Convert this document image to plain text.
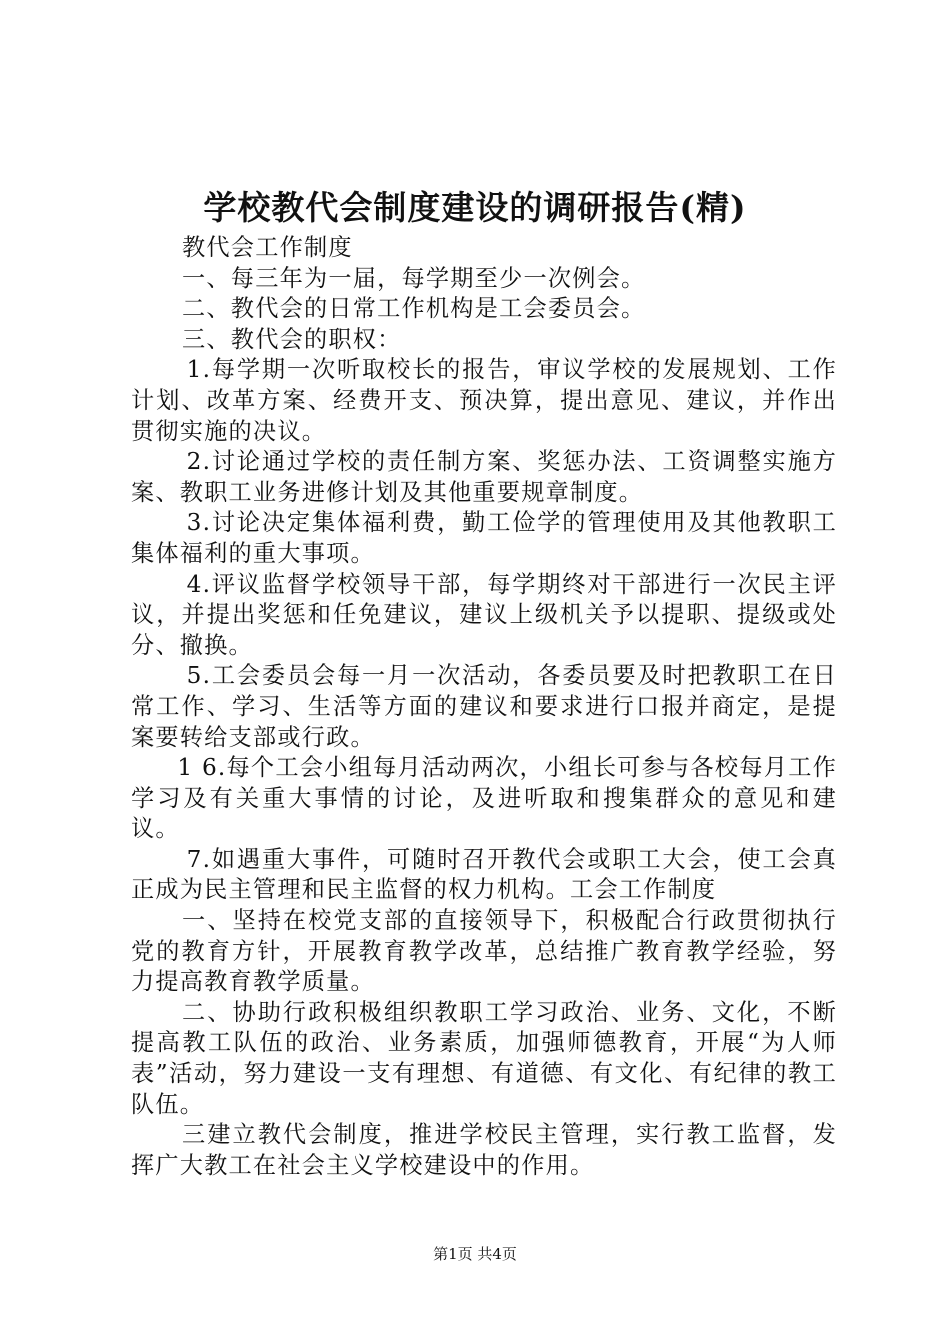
学校教代会制度建设的调研报告(精)

教代会工作制度

一、每三年为一届，每学期至少一次例会。

二、教代会的日常工作机构是工会委员会。

三、教代会的职权：

1.每学期一次听取校长的报告，审议学校的发展规划、工作计划、改革方案、经费开支、预决算，提出意见、建议，并作出贯彻实施的决议。

2.讨论通过学校的责任制方案、奖惩办法、工资调整实施方案、教职工业务进修计划及其他重要规章制度。

3.讨论决定集体福利费，勤工俭学的管理使用及其他教职工集体福利的重大事项。

4.评议监督学校领导干部，每学期终对干部进行一次民主评议，并提出奖惩和任免建议，建议上级机关予以提职、提级或处分、撤换。

5.工会委员会每一月一次活动，各委员要及时把教职工在日常工作、学习、生活等方面的建议和要求进行口报并商定，是提案要转给支部或行政。

1 6.每个工会小组每月活动两次，小组长可参与各校每月工作学习及有关重大事情的讨论，及进听取和搜集群众的意见和建议。

7.如遇重大事件，可随时召开教代会或职工大会，使工会真正成为民主管理和民主监督的权力机构。工会工作制度

一、坚持在校党支部的直接领导下，积极配合行政贯彻执行党的教育方针，开展教育教学改革，总结推广教育教学经验，努力提高教育教学质量。

二、协助行政积极组织教职工学习政治、业务、文化，不断提高教工队伍的政治、业务素质，加强师德教育，开展“为人师表”活动，努力建设一支有理想、有道德、有文化、有纪律的教工队伍。

三建立教代会制度，推进学校民主管理，实行教工监督，发挥广大教工在社会主义学校建设中的作用。

第1页 共4页
